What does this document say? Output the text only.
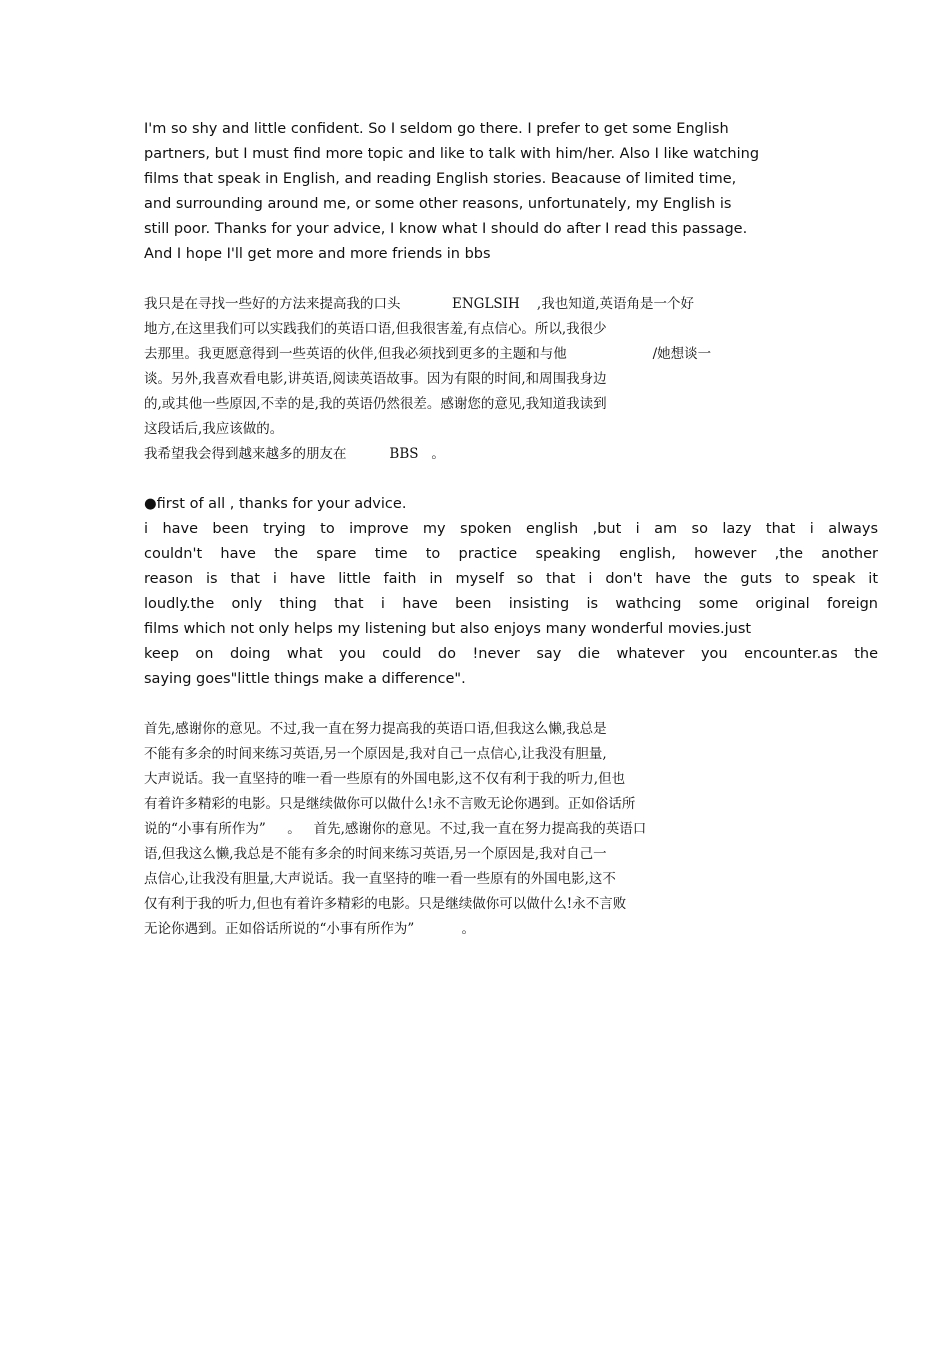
I'm so shy and little confident. So I seldom go there. I prefer to get some English
partners, but I must find more topic and like to talk with him/her. Also I like watching
films that speak in English, and reading English stories. Beacause of limited time,
and surrounding around me, or some other reasons, unfortunately, my English is
still poor. Thanks for your advice, I know what I should do after I read this passage.
And I hope I'll get more and more friends in bbs
我只是在寻找一些好的方法来提高我的口头            ENGLSIH    ,我也知道,英语角是一个好
地方,在这里我们可以实践我们的英语口语,但我很害羞,有点信心。所以,我很少
去那里。我更愿意得到一些英语的伙伴,但我必须找到更多的主题和与他                    /她想谈一
谈。另外,我喜欢看电影,讲英语,阅读英语故事。因为有限的时间,和周围我身边
的,或其他一些原因,不幸的是,我的英语仍然很差。感谢您的意见,我知道我读到
这段话后,我应该做的。
我希望我会得到越来越多的朋友在          BBS   。
●first of all , thanks for your advice.
i have been trying to improve my spoken english ,but i am so lazy that i always
couldn't have the spare time to practice speaking english, however ,the another
reason is that i have little faith in myself so that i don't have the guts to speak it
loudly.the only thing that i have been insisting is wathcing some original foreign
films which not only helps my listening but also enjoys many wonderful movies.just
keep on doing what you could do !never say die whatever you encounter.as the
saying goes"little things make a difference".
首先,感谢你的意见。不过,我一直在努力提高我的英语口语,但我这么懒,我总是
不能有多余的时间来练习英语,另一个原因是,我对自己一点信心,让我没有胆量,
大声说话。我一直坚持的唯一看一些原有的外国电影,这不仅有利于我的听力,但也
有着许多精彩的电影。只是继续做你可以做什么!永不言败无论你遇到。正如俗话所
说的“小事有所作为”     。   首先,感谢你的意见。不过,我一直在努力提高我的英语口
语,但我这么懒,我总是不能有多余的时间来练习英语,另一个原因是,我对自己一
点信心,让我没有胆量,大声说话。我一直坚持的唯一看一些原有的外国电影,这不
仅有利于我的听力,但也有着许多精彩的电影。只是继续做你可以做什么!永不言败
无论你遇到。正如俗话所说的“小事有所作为”           。
